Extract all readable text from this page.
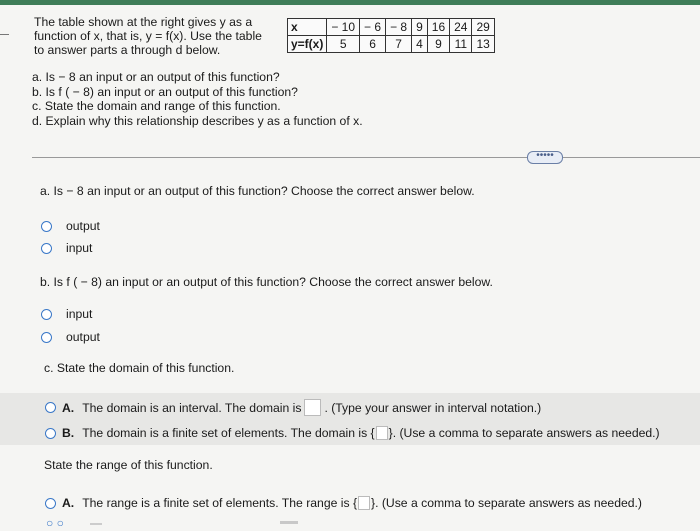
The table shown at the right gives y as a function of x, that is, y = f(x). Use the table to answer parts a through d below.
x	− 10	− 6	− 8	9	16	24	29
y=f(x)	5	6	7	4	9	11	13
a. Is − 8 an input or an output of this function?
b. Is f ( − 8) an input or an output of this function?
c. State the domain and range of this function.
d. Explain why this relationship describes y as a function of x.
•••••
a. Is − 8 an input or an output of this function? Choose the correct answer below.
output
input
b. Is f ( − 8) an input or an output of this function? Choose the correct answer below.
input
output
c. State the domain of this function.
A. The domain is an interval. The domain is . (Type your answer in interval notation.)
B. The domain is a finite set of elements. The domain is { }. (Use a comma to separate answers as needed.)
State the range of this function.
A. The range is a finite set of elements. The range is { }. (Use a comma to separate answers as needed.)
○ ○
